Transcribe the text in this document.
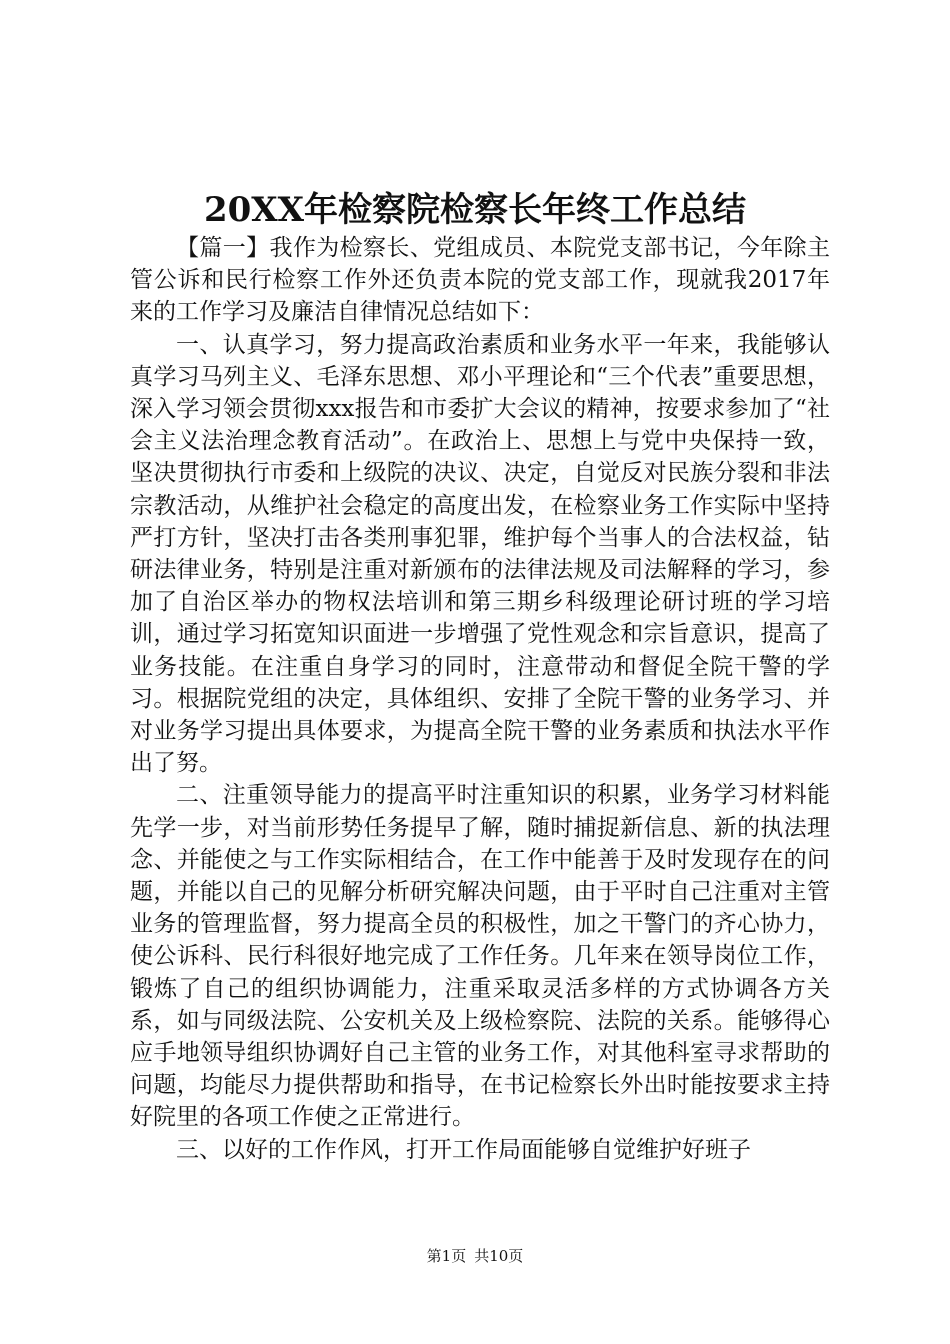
20XX年检察院检察长年终工作总结

【篇一】我作为检察长、党组成员、本院党支部书记，今年除主管公诉和民行检察工作外还负责本院的党支部工作，现就我2017年来的工作学习及廉洁自律情况总结如下：

一、认真学习，努力提高政治素质和业务水平一年来，我能够认真学习马列主义、毛泽东思想、邓小平理论和“三个代表”重要思想，深入学习领会贯彻xxx报告和市委扩大会议的精神，按要求参加了“社会主义法治理念教育活动”。在政治上、思想上与党中央保持一致，坚决贯彻执行市委和上级院的决议、决定，自觉反对民族分裂和非法宗教活动，从维护社会稳定的高度出发，在检察业务工作实际中坚持严打方针，坚决打击各类刑事犯罪，维护每个当事人的合法权益，钻研法律业务，特别是注重对新颁布的法律法规及司法解释的学习，参加了自治区举办的物权法培训和第三期乡科级理论研讨班的学习培训，通过学习拓宽知识面进一步增强了党性观念和宗旨意识，提高了业务技能。在注重自身学习的同时，注意带动和督促全院干警的学习。根据院党组的决定，具体组织、安排了全院干警的业务学习、并对业务学习提出具体要求，为提高全院干警的业务素质和执法水平作出了努。

二、注重领导能力的提高平时注重知识的积累，业务学习材料能先学一步，对当前形势任务提早了解，随时捕捉新信息、新的执法理念、并能使之与工作实际相结合，在工作中能善于及时发现存在的问题，并能以自己的见解分析研究解决问题，由于平时自己注重对主管业务的管理监督，努力提高全员的积极性，加之干警门的齐心协力，使公诉科、民行科很好地完成了工作任务。几年来在领导岗位工作，锻炼了自己的组织协调能力，注重采取灵活多样的方式协调各方关系，如与同级法院、公安机关及上级检察院、法院的关系。能够得心应手地领导组织协调好自己主管的业务工作，对其他科室寻求帮助的问题，均能尽力提供帮助和指导，在书记检察长外出时能按要求主持好院里的各项工作使之正常进行。

三、以好的工作作风，打开工作局面能够自觉维护好班子

第1页 共10页
